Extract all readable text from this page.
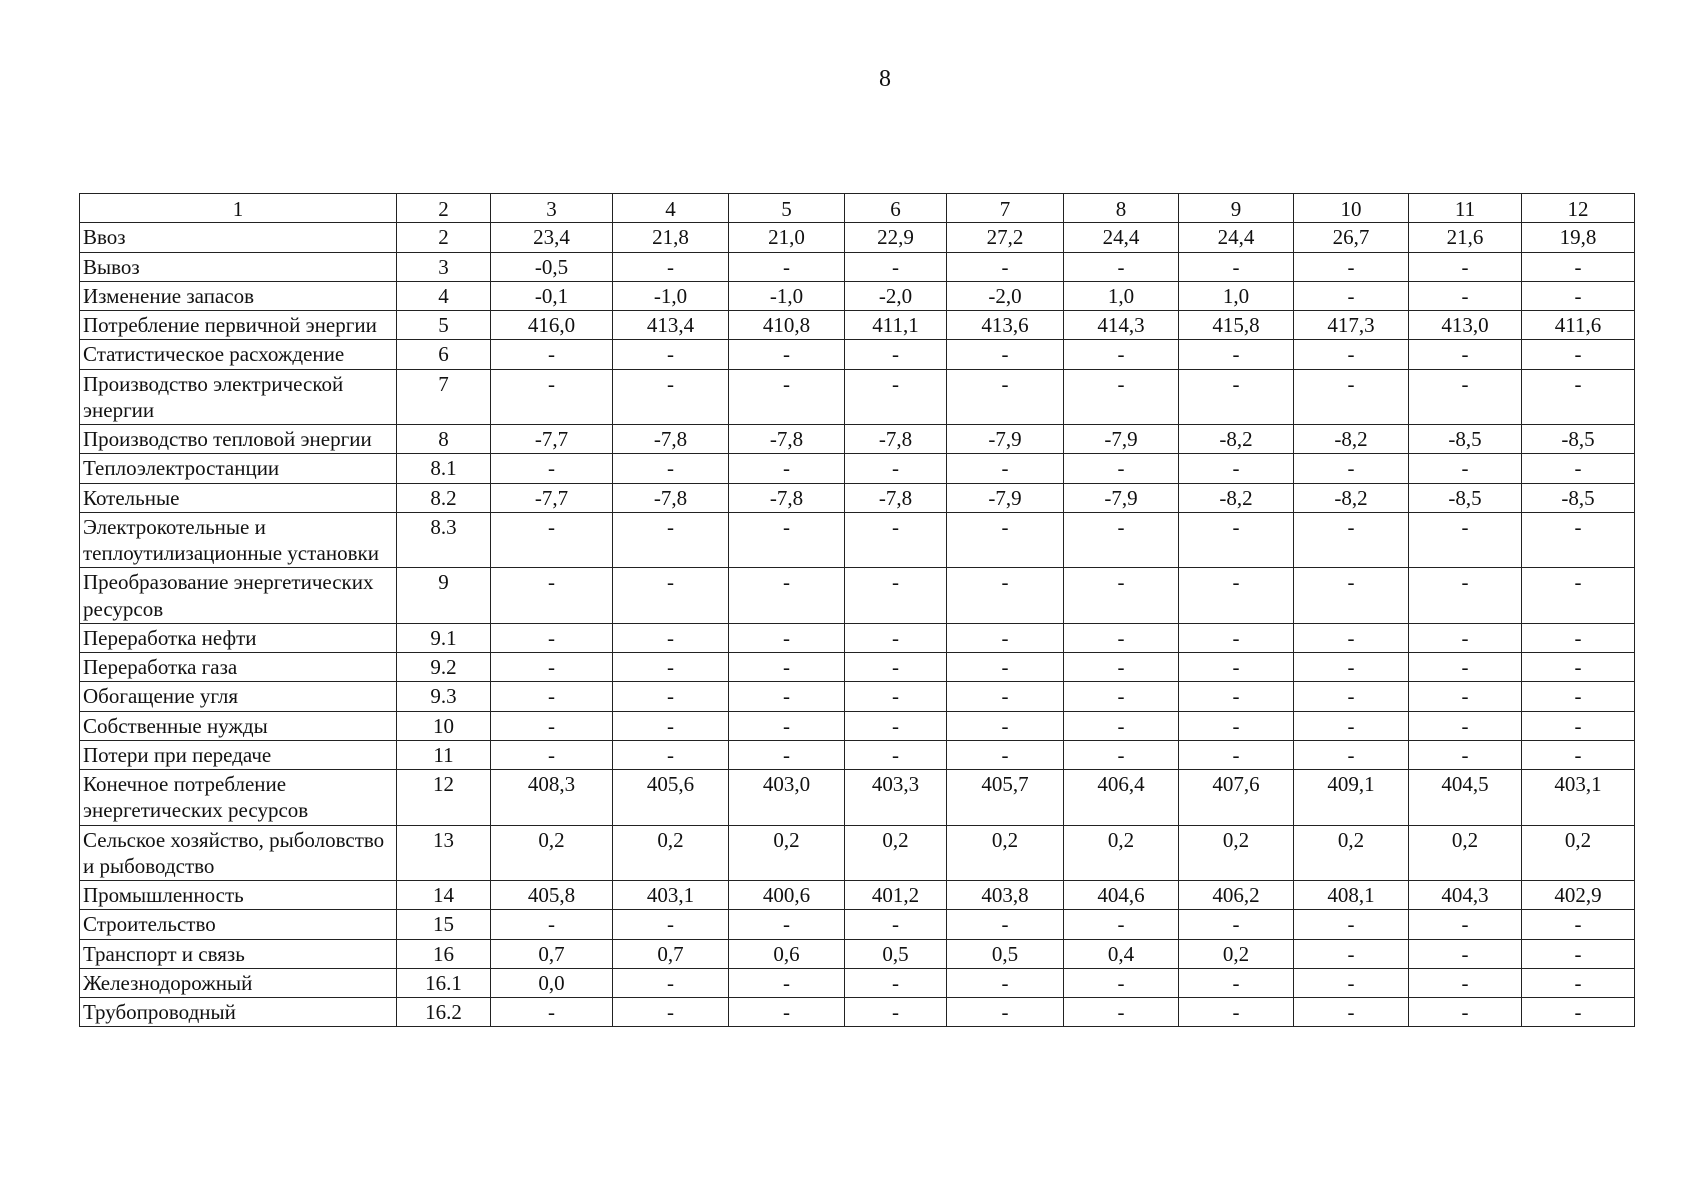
8
1	2	3	4	5	6	7	8	9	10	11	12
Ввоз	2	23,4	21,8	21,0	22,9	27,2	24,4	24,4	26,7	21,6	19,8
Вывоз	3	-0,5	-	-	-	-	-	-	-	-	-
Изменение запасов	4	-0,1	-1,0	-1,0	-2,0	-2,0	1,0	1,0	-	-	-
Потребление первичной энергии	5	416,0	413,4	410,8	411,1	413,6	414,3	415,8	417,3	413,0	411,6
Статистическое расхождение	6	-	-	-	-	-	-	-	-	-	-
Производство электрической энергии	7	-	-	-	-	-	-	-	-	-	-
Производство тепловой энергии	8	-7,7	-7,8	-7,8	-7,8	-7,9	-7,9	-8,2	-8,2	-8,5	-8,5
Теплоэлектростанции	8.1	-	-	-	-	-	-	-	-	-	-
Котельные	8.2	-7,7	-7,8	-7,8	-7,8	-7,9	-7,9	-8,2	-8,2	-8,5	-8,5
Электрокотельные и теплоутилизационные установки	8.3	-	-	-	-	-	-	-	-	-	-
Преобразование энергетических ресурсов	9	-	-	-	-	-	-	-	-	-	-
Переработка нефти	9.1	-	-	-	-	-	-	-	-	-	-
Переработка газа	9.2	-	-	-	-	-	-	-	-	-	-
Обогащение угля	9.3	-	-	-	-	-	-	-	-	-	-
Собственные нужды	10	-	-	-	-	-	-	-	-	-	-
Потери при передаче	11	-	-	-	-	-	-	-	-	-	-
Конечное потребление энергетических ресурсов	12	408,3	405,6	403,0	403,3	405,7	406,4	407,6	409,1	404,5	403,1
Сельское хозяйство, рыболовство и рыбоводство	13	0,2	0,2	0,2	0,2	0,2	0,2	0,2	0,2	0,2	0,2
Промышленность	14	405,8	403,1	400,6	401,2	403,8	404,6	406,2	408,1	404,3	402,9
Строительство	15	-	-	-	-	-	-	-	-	-	-
Транспорт и связь	16	0,7	0,7	0,6	0,5	0,5	0,4	0,2	-	-	-
Железнодорожный	16.1	0,0	-	-	-	-	-	-	-	-	-
Трубопроводный	16.2	-	-	-	-	-	-	-	-	-	-
